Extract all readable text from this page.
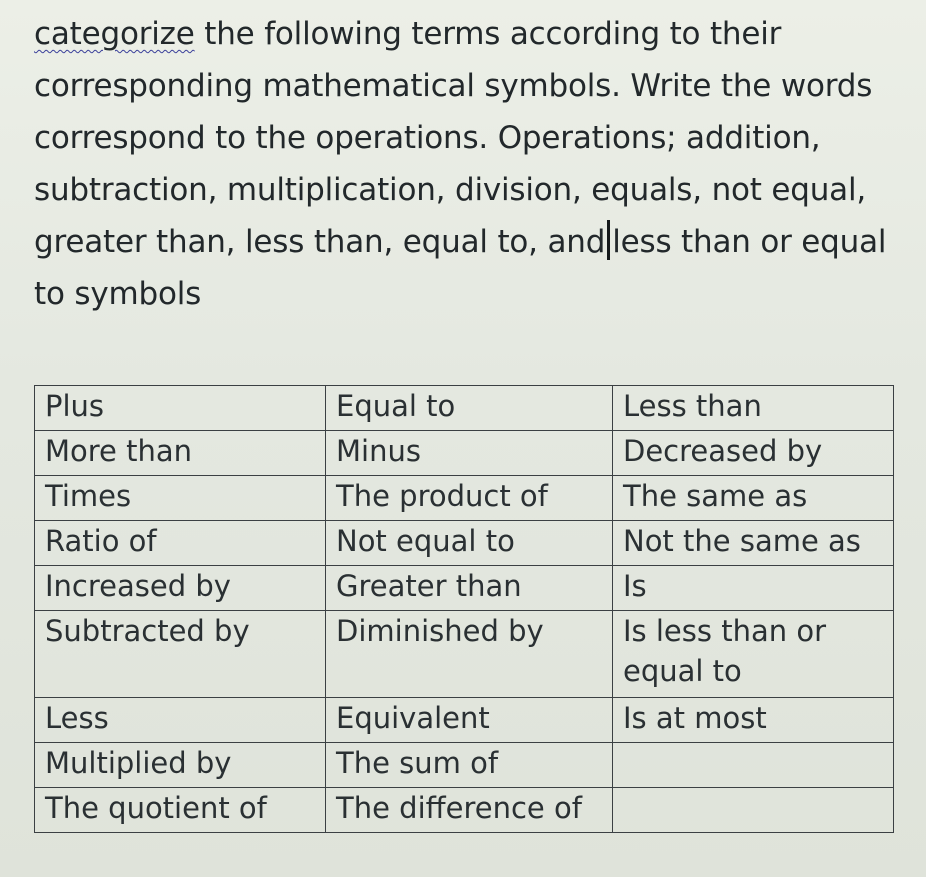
categorize the following terms according to their
corresponding mathematical symbols. Write the words
correspond to the operations. Operations; addition,
subtraction, multiplication, division, equals, not equal,
greater than, less than, equal to, and less than or equal
to symbols
Plus	Equal to	Less than
More than	Minus	Decreased by
Times	The product of	The same as
Ratio of	Not equal to	Not the same as
Increased by	Greater than	Is
Subtracted by	Diminished by	Is less than or equal to
Less	Equivalent	Is at most
Multiplied by	The sum of	
The quotient of	The difference of	
